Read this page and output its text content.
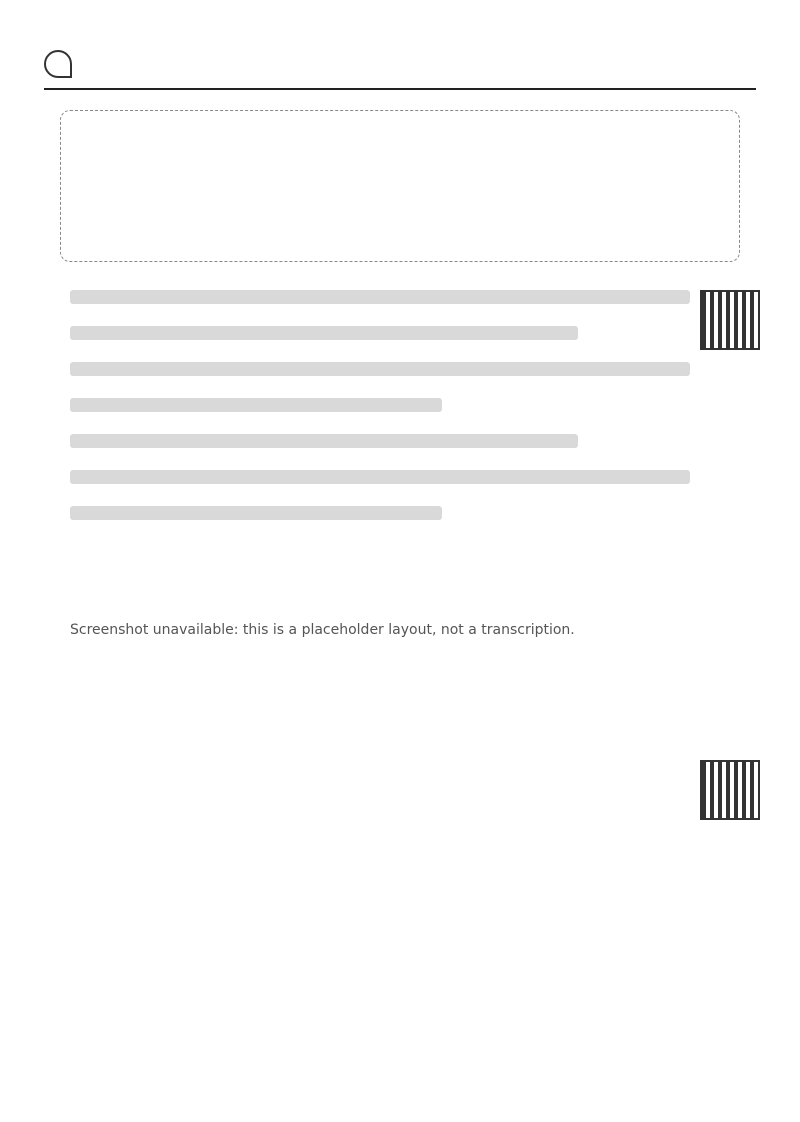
Screenshot unavailable: this is a placeholder layout, not a transcription.
